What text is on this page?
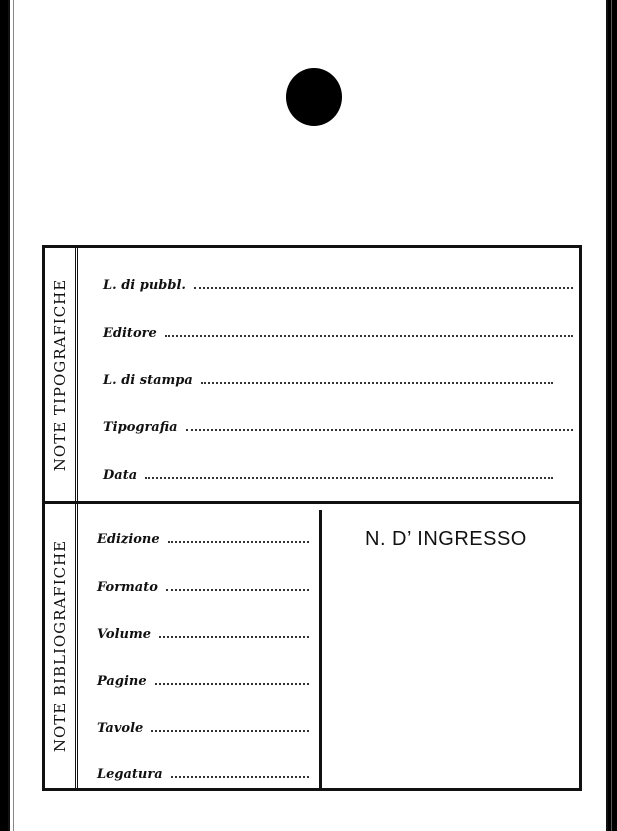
NOTE TIPOGRAFICHE	L. di pubbl.
Editore
L. di stampa
Tipografia
Data
NOTE BIBLIOGRAFICHE
Edizione
Formato
Volume
Pagine
Tavole
Legatura
N. D’ INGRESSO
